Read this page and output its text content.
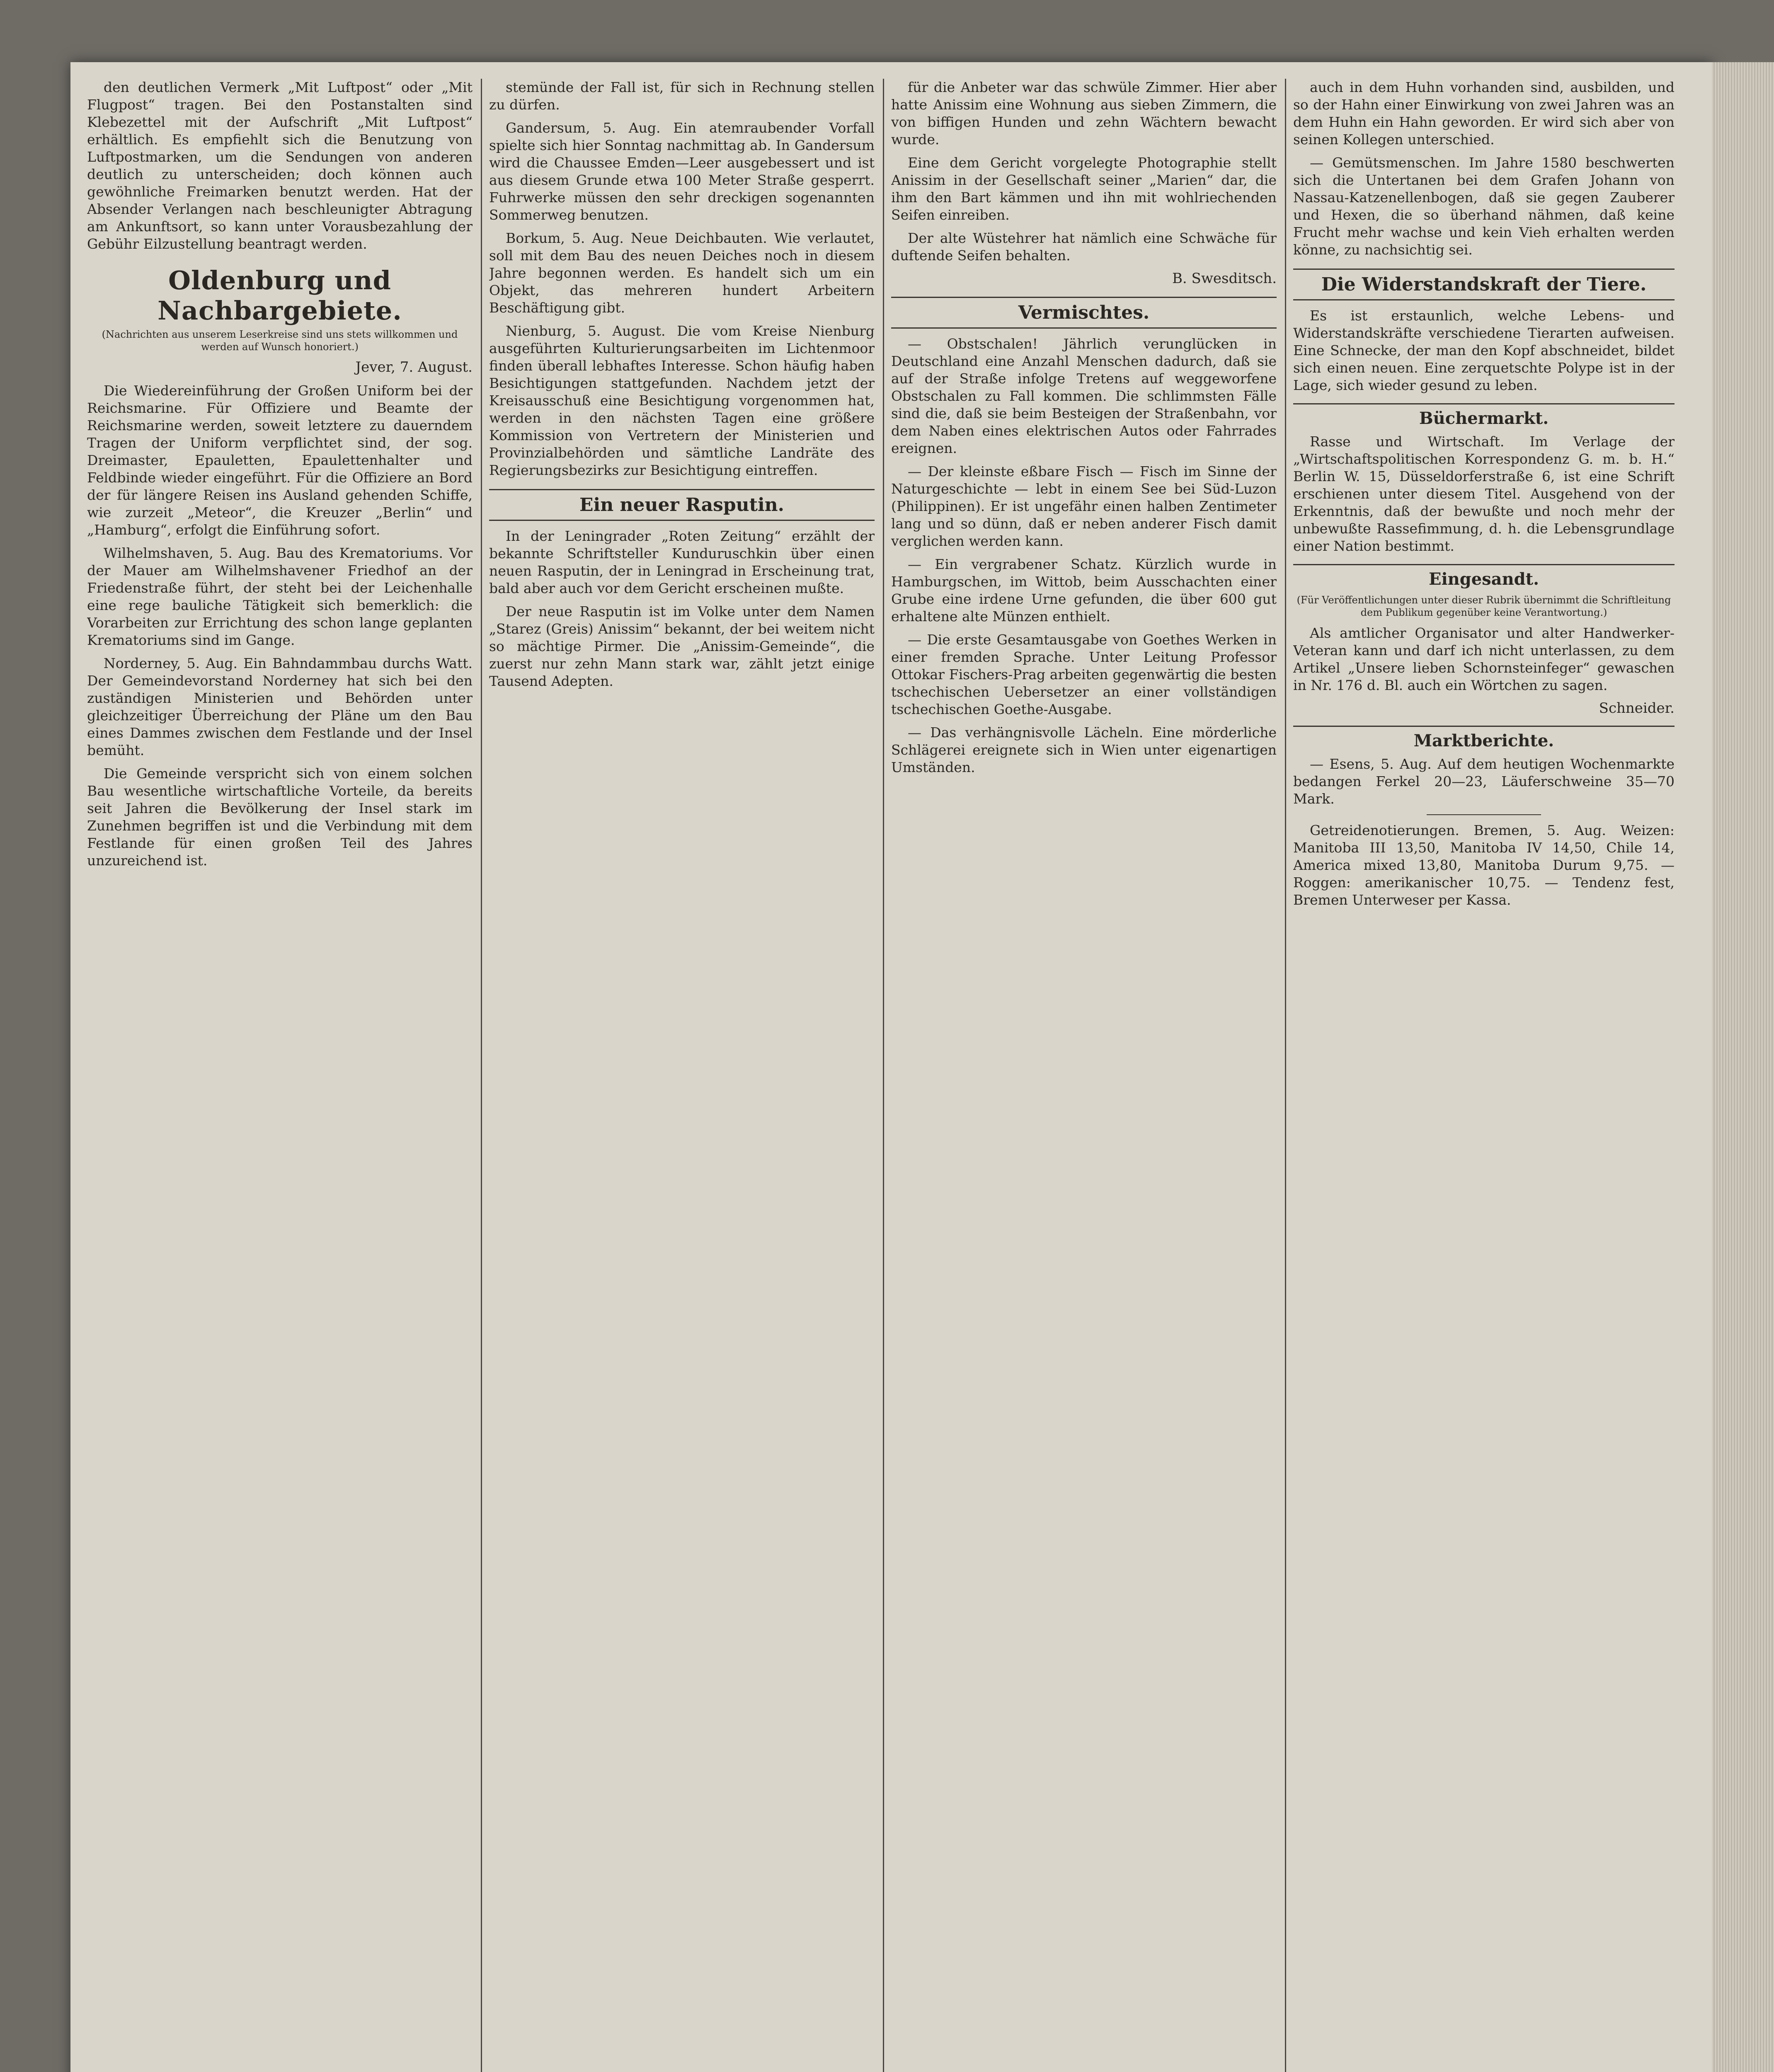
den deutlichen Vermerk „Mit Luftpost“ oder „Mit Flugpost“ tragen. Bei den Postanstalten sind Klebezettel mit der Aufschrift „Mit Luftpost“ erhältlich. Es empfiehlt sich die Benutzung von Luftpostmarken, um die Sendungen von anderen deutlich zu unterscheiden; doch können auch gewöhnliche Freimarken benutzt werden. Hat der Absender Verlangen nach beschleunigter Abtragung am Ankunftsort, so kann unter Vorausbezahlung der Gebühr Eilzustellung beantragt werden.

Oldenburg und Nachbargebiete.
(Nachrichten aus unserem Leserkreise sind uns stets willkommen und werden auf Wunsch honoriert.)
Jever, 7. August.

Die Wiedereinführung der Großen Uniform bei der Reichsmarine. Für Offiziere und Beamte der Reichsmarine werden, soweit letztere zu dauerndem Tragen der Uniform verpflichtet sind, der sog. Dreimaster, Epauletten, Epaulettenhalter und Feldbinde wieder eingeführt. Für die Offiziere an Bord der für längere Reisen ins Ausland gehenden Schiffe, wie zurzeit „Meteor“, die Kreuzer „Berlin“ und „Hamburg“, erfolgt die Einführung sofort.

Wilhelmshaven, 5. Aug. Bau des Krematoriums. Vor der Mauer am Wilhelmshavener Friedhof an der Friedenstraße führt, der steht bei der Leichenhalle eine rege bauliche Tätigkeit sich bemerklich: die Vorarbeiten zur Errichtung des schon lange geplanten Krematoriums sind im Gange.

Norderney, 5. Aug. Ein Bahndammbau durchs Watt. Der Gemeindevorstand Norderney hat sich bei den zuständigen Ministerien und Behörden unter gleichzeitiger Überreichung der Pläne um den Bau eines Dammes zwischen dem Festlande und der Insel bemüht.

Die Gemeinde verspricht sich von einem solchen Bau wesentliche wirtschaftliche Vorteile, da bereits seit Jahren die Bevölkerung der Insel stark im Zunehmen begriffen ist und die Verbindung mit dem Festlande für einen großen Teil des Jahres unzureichend ist.

stemünde der Fall ist, für sich in Rechnung stellen zu dürfen.

Gandersum, 5. Aug. Ein atemraubender Vorfall spielte sich hier Sonntag nachmittag ab. In Gandersum wird die Chaussee Emden—Leer ausgebessert und ist aus diesem Grunde etwa 100 Meter Straße gesperrt. Fuhrwerke müssen den sehr dreckigen sogenannten Sommerweg benutzen.

Borkum, 5. Aug. Neue Deichbauten. Wie verlautet, soll mit dem Bau des neuen Deiches noch in diesem Jahre begonnen werden. Es handelt sich um ein Objekt, das mehreren hundert Arbeitern Beschäftigung gibt.

Nienburg, 5. August. Die vom Kreise Nienburg ausgeführten Kulturierungsarbeiten im Lichtenmoor finden überall lebhaftes Interesse. Schon häufig haben Besichtigungen stattgefunden. Nachdem jetzt der Kreisausschuß eine Besichtigung vorgenommen hat, werden in den nächsten Tagen eine größere Kommission von Vertretern der Ministerien und Provinzialbehörden und sämtliche Landräte des Regierungsbezirks zur Besichtigung eintreffen.

Ein neuer Rasputin.

In der Leningrader „Roten Zeitung“ erzählt der bekannte Schriftsteller Kunduruschkin über einen neuen Rasputin, der in Leningrad in Erscheinung trat, bald aber auch vor dem Gericht erscheinen mußte.

Der neue Rasputin ist im Volke unter dem Namen „Starez (Greis) Anissim“ bekannt, der bei weitem nicht so mächtige Pirmer. Die „Anissim-Gemeinde“, die zuerst nur zehn Mann stark war, zählt jetzt einige Tausend Adepten.

für die Anbeter war das schwüle Zimmer. Hier aber hatte Anissim eine Wohnung aus sieben Zimmern, die von biffigen Hunden und zehn Wächtern bewacht wurde.

Eine dem Gericht vorgelegte Photographie stellt Anissim in der Gesellschaft seiner „Marien“ dar, die ihm den Bart kämmen und ihn mit wohlriechenden Seifen einreiben.

Der alte Wüstehrer hat nämlich eine Schwäche für duftende Seifen behalten.

B. Swesditsch.
Vermischtes.

— Obstschalen! Jährlich verunglücken in Deutschland eine Anzahl Menschen dadurch, daß sie auf der Straße infolge Tretens auf weggeworfene Obstschalen zu Fall kommen. Die schlimmsten Fälle sind die, daß sie beim Besteigen der Straßenbahn, vor dem Naben eines elektrischen Autos oder Fahrrades ereignen.

— Der kleinste eßbare Fisch — Fisch im Sinne der Naturgeschichte — lebt in einem See bei Süd-Luzon (Philippinen). Er ist ungefähr einen halben Zentimeter lang und so dünn, daß er neben anderer Fisch damit verglichen werden kann.

— Ein vergrabener Schatz. Kürzlich wurde in Hamburgschen, im Wittob, beim Ausschachten einer Grube eine irdene Urne gefunden, die über 600 gut erhaltene alte Münzen enthielt.

— Die erste Gesamtausgabe von Goethes Werken in einer fremden Sprache. Unter Leitung Professor Ottokar Fischers-Prag arbeiten gegenwärtig die besten tschechischen Uebersetzer an einer vollständigen tschechischen Goethe-Ausgabe.

— Das verhängnisvolle Lächeln. Eine mörderliche Schlägerei ereignete sich in Wien unter eigenartigen Umständen.

auch in dem Huhn vorhanden sind, ausbilden, und so der Hahn einer Einwirkung von zwei Jahren was an dem Huhn ein Hahn geworden. Er wird sich aber von seinen Kollegen unterschied.

— Gemütsmenschen. Im Jahre 1580 beschwerten sich die Untertanen bei dem Grafen Johann von Nassau-Katzenellenbogen, daß sie gegen Zauberer und Hexen, die so überhand nähmen, daß keine Frucht mehr wachse und kein Vieh erhalten werden könne, zu nachsichtig sei.

Die Widerstandskraft der Tiere.

Es ist erstaunlich, welche Lebens- und Widerstandskräfte verschiedene Tierarten aufweisen. Eine Schnecke, der man den Kopf abschneidet, bildet sich einen neuen. Eine zerquetschte Polype ist in der Lage, sich wieder gesund zu leben.

Büchermarkt.

Rasse und Wirtschaft. Im Verlage der „Wirtschaftspolitischen Korrespondenz G. m. b. H.“ Berlin W. 15, Düsseldorferstraße 6, ist eine Schrift erschienen unter diesem Titel. Ausgehend von der Erkenntnis, daß der bewußte und noch mehr der unbewußte Rassefimmung, d. h. die Lebensgrundlage einer Nation bestimmt.

Eingesandt.
(Für Veröffentlichungen unter dieser Rubrik übernimmt die Schriftleitung dem Publikum gegenüber keine Verantwortung.)

Als amtlicher Organisator und alter Handwerker-Veteran kann und darf ich nicht unterlassen, zu dem Artikel „Unsere lieben Schornsteinfeger“ gewaschen in Nr. 176 d. Bl. auch ein Wörtchen zu sagen.

Schneider.
Marktberichte.

— Esens, 5. Aug. Auf dem heutigen Wochenmarkte bedangen Ferkel 20—23, Läuferschweine 35—70 Mark.

Getreidenotierungen. Bremen, 5. Aug. Weizen: Manitoba III 13,50, Manitoba IV 14,50, Chile 14, America mixed 13,80, Manitoba Durum 9,75. — Roggen: amerikanischer 10,75. — Tendenz fest, Bremen Unterweser per Kassa.
